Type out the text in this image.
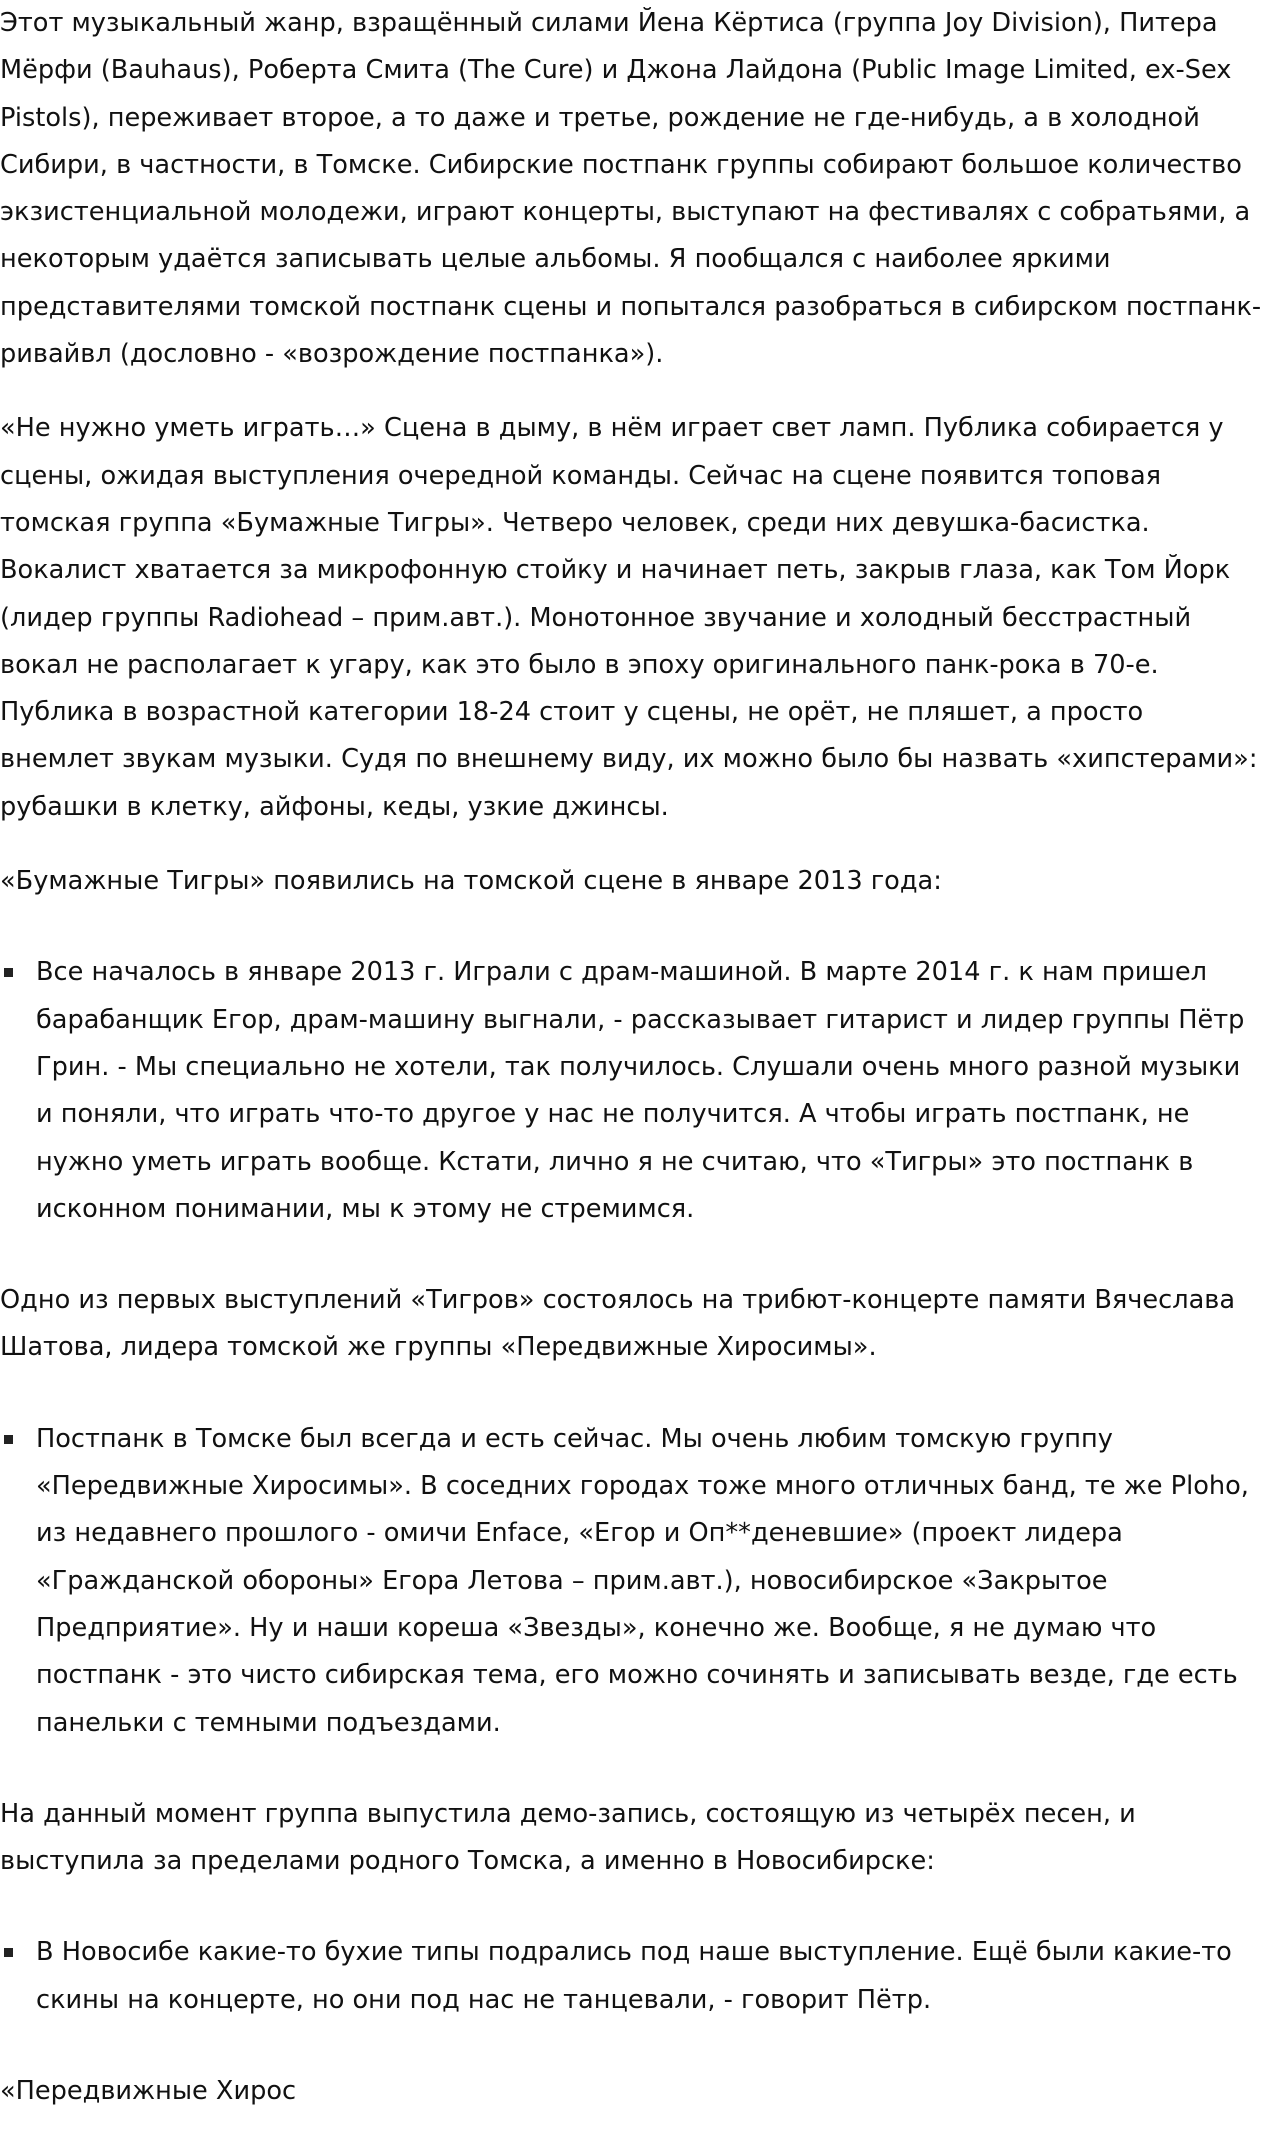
Этот музыкальный жанр, взращённый силами Йена Кёртиса (группа Joy Division), Питера Мёрфи (Bauhaus), Роберта Смита (The Cure) и Джона Лайдона (Public Image Limited, ex-Sex Pistols), переживает второе, а то даже и третье, рождение не где-нибудь, а в холодной Сибири, в частности, в Томске. Сибирские постпанк группы собирают большое количество экзистенциальной молодежи, играют концерты, выступают на фестивалях с собратьями, а некоторым удаётся записывать целые альбомы. Я пообщался с наиболее яркими представителями томской постпанк сцены и попытался разобраться в сибирском постпанк-ривайвл (дословно - «возрождение постпанка»).

«Не нужно уметь играть…» Сцена в дыму, в нём играет свет ламп. Публика собирается у сцены, ожидая выступления очередной команды. Сейчас на сцене появится топовая томская группа «Бумажные Тигры». Четверо человек, среди них девушка-басистка. Вокалист хватается за микрофонную стойку и начинает петь, закрыв глаза, как Том Йорк (лидер группы Radiohead – прим.авт.). Монотонное звучание и холодный бесстрастный вокал не располагает к угару, как это было в эпоху оригинального панк-рока в 70-е. Публика в возрастной категории 18-24 стоит у сцены, не орёт, не пляшет, а просто внемлет звукам музыки. Судя по внешнему виду, их можно было бы назвать «хипстерами»: рубашки в клетку, айфоны, кеды, узкие джинсы.

«Бумажные Тигры» появились на томской сцене в январе 2013 года:

Все началось в январе 2013 г. Играли с драм-машиной. В марте 2014 г. к нам пришел барабанщик Егор, драм-машину выгнали, - рассказывает гитарист и лидер группы Пётр Грин. - Мы специально не хотели, так получилось. Слушали очень много разной музыки и поняли, что играть что-то другое у нас не получится. А чтобы играть постпанк, не нужно уметь играть вообще. Кстати, лично я не считаю, что «Тигры» это постпанк в исконном понимании, мы к этому не стремимся.

Одно из первых выступлений «Тигров» состоялось на трибют-концерте памяти Вячеслава Шатова, лидера томской же группы «Передвижные Хиросимы».

Постпанк в Томске был всегда и есть сейчас. Мы очень любим томскую группу «Передвижные Хиросимы». В соседних городах тоже много отличных банд, те же Ploho, из недавнего прошлого - омичи Enface, «Егор и Оп**деневшие» (проект лидера «Гражданской обороны» Егора Летова – прим.авт.), новосибирское «Закрытое Предприятие». Ну и наши кореша «Звезды», конечно же. Вообще, я не думаю что постпанк - это чисто сибирская тема, его можно сочинять и записывать везде, где есть панельки с темными подъездами.

На данный момент группа выпустила демо-запись, состоящую из четырёх песен, и выступила за пределами родного Томска, а именно в Новосибирске:

В Новосибе какие-то бухие типы подрались под наше выступление. Ещё были какие-то скины на концерте, но они под нас не танцевали, - говорит Пётр.

«Передвижные Хирос
